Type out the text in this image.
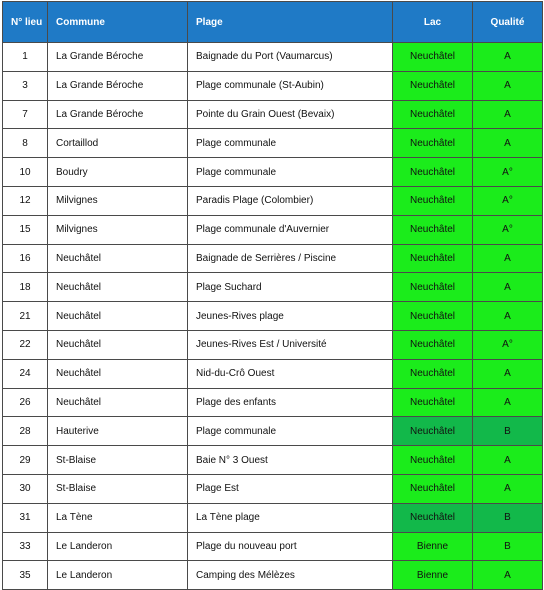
N° lieu	Commune	Plage	Lac	Qualité
1	La Grande Béroche	Baignade du Port (Vaumarcus)	Neuchâtel	A
3	La Grande Béroche	Plage communale (St-Aubin)	Neuchâtel	A
7	La Grande Béroche	Pointe du Grain Ouest (Bevaix)	Neuchâtel	A
8	Cortaillod	Plage communale	Neuchâtel	A
10	Boudry	Plage communale	Neuchâtel	A°
12	Milvignes	Paradis Plage (Colombier)	Neuchâtel	A°
15	Milvignes	Plage communale d'Auvernier	Neuchâtel	A°
16	Neuchâtel	Baignade de Serrières / Piscine	Neuchâtel	A
18	Neuchâtel	Plage Suchard	Neuchâtel	A
21	Neuchâtel	Jeunes-Rives plage	Neuchâtel	A
22	Neuchâtel	Jeunes-Rives Est / Université	Neuchâtel	A°
24	Neuchâtel	Nid-du-Crô Ouest	Neuchâtel	A
26	Neuchâtel	Plage des enfants	Neuchâtel	A
28	Hauterive	Plage communale	Neuchâtel	B
29	St-Blaise	Baie N° 3 Ouest	Neuchâtel	A
30	St-Blaise	Plage Est	Neuchâtel	A
31	La Tène	La Tène plage	Neuchâtel	B
33	Le Landeron	Plage du nouveau port	Bienne	B
35	Le Landeron	Camping des Mélèzes	Bienne	A
